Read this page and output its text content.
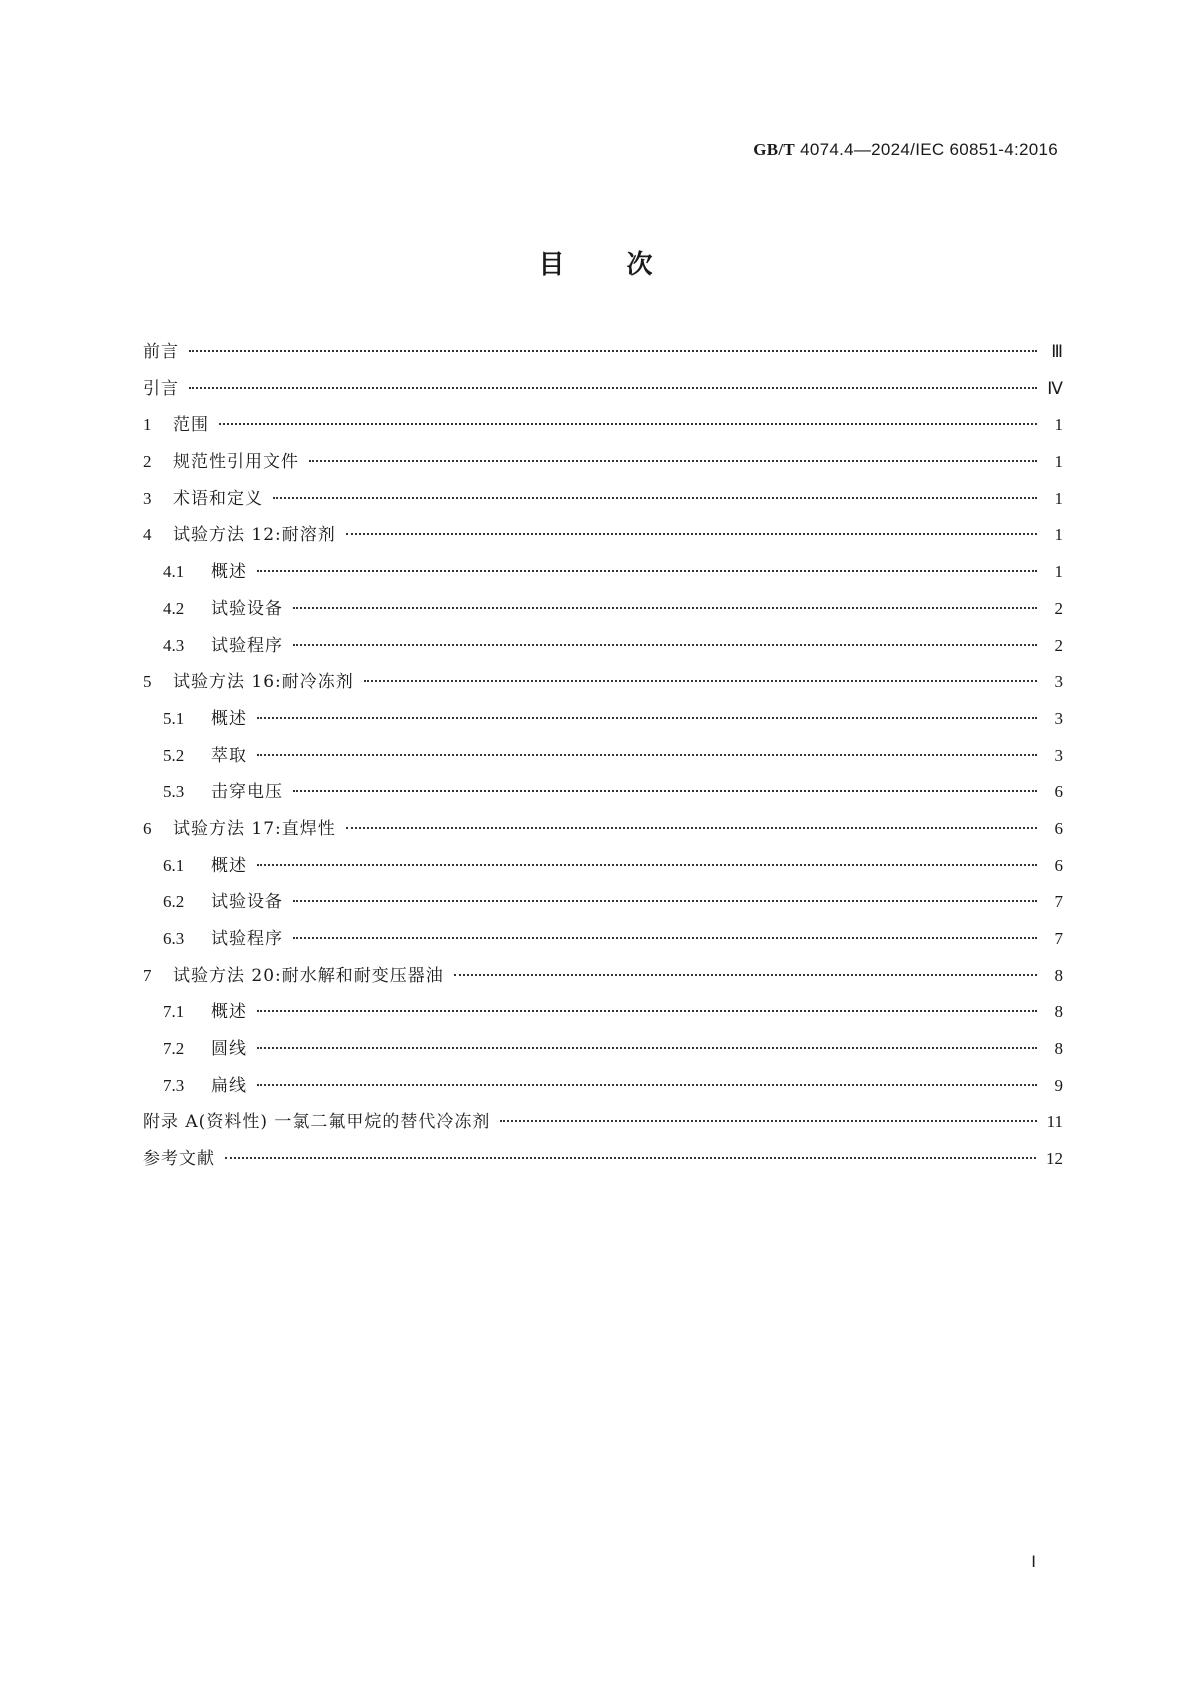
GB/T 4074.4—2024/IEC 60851-4:2016
目次
前言	Ⅲ
引言	Ⅳ
1	范围	1
2	规范性引用文件	1
3	术语和定义	1
4	试验方法 12:耐溶剂	1
4.1	概述	1
4.2	试验设备	2
4.3	试验程序	2
5	试验方法 16:耐冷冻剂	3
5.1	概述	3
5.2	萃取	3
5.3	击穿电压	6
6	试验方法 17:直焊性	6
6.1	概述	6
6.2	试验设备	7
6.3	试验程序	7
7	试验方法 20:耐水解和耐变压器油	8
7.1	概述	8
7.2	圆线	8
7.3	扁线	9
附录 A(资料性) 一氯二氟甲烷的替代冷冻剂	11
参考文献	12
Ⅰ
